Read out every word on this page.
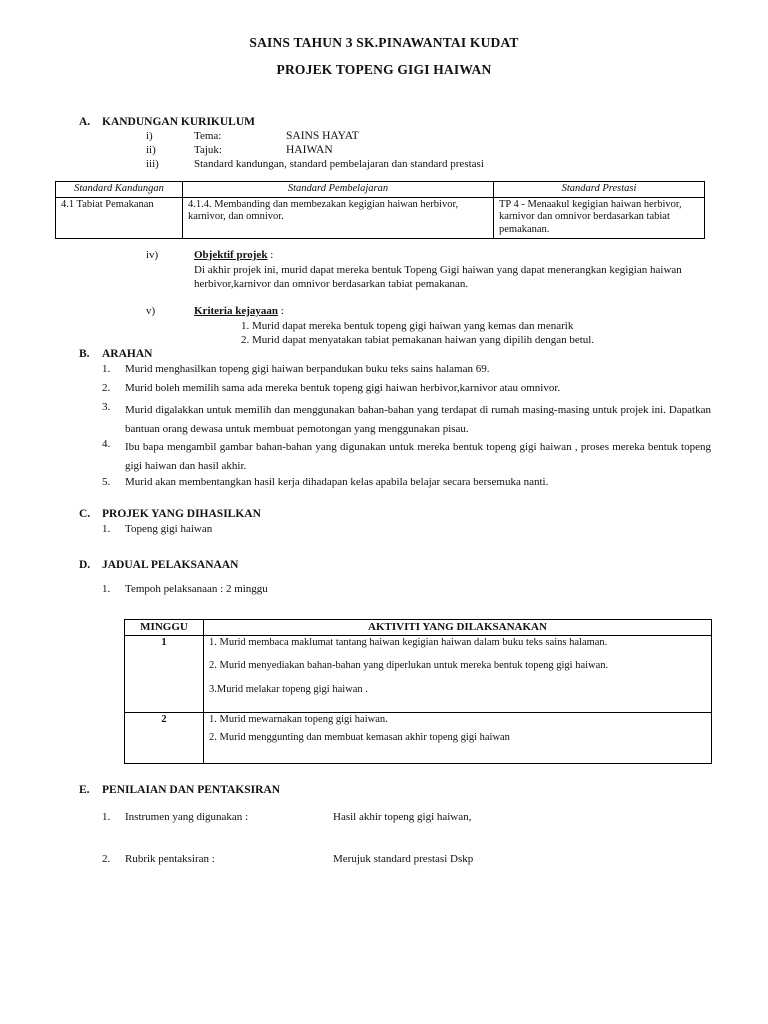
SAINS TAHUN 3 SK.PINAWANTAI KUDAT
PROJEK TOPENG GIGI HAIWAN
A. KANDUNGAN KURIKULUM
i)	Tema:	SAINS HAYAT
ii)	Tajuk:	HAIWAN
iii)	Standard kandungan, standard pembelajaran dan standard prestasi
Standard Kandungan	Standard Pembelajaran	Standard Prestasi
4.1 Tabiat Pemakanan	4.1.4. Membanding dan membezakan kegigian haiwan herbivor, karnivor, dan omnivor.	TP 4 - Menaakul kegigian haiwan herbivor, karnivor dan omnivor berdasarkan tabiat pemakanan.
iv)	Objektif projek :
Di akhir projek ini, murid dapat mereka bentuk Topeng Gigi haiwan yang dapat menerangkan kegigian haiwan herbivor,karnivor dan omnivor berdasarkan tabiat pemakanan.
v)	Kriteria kejayaan :
1. Murid dapat mereka bentuk topeng gigi haiwan yang kemas dan menarik
2. Murid dapat menyatakan tabiat pemakanan haiwan yang dipilih dengan betul.
B. ARAHAN
1. Murid menghasilkan topeng gigi haiwan berpandukan buku teks sains halaman 69.
2. Murid boleh memilih sama ada mereka bentuk topeng gigi haiwan herbivor,karnivor atau omnivor.
3. Murid digalakkan untuk memilih dan menggunakan bahan-bahan yang terdapat di rumah masing-masing untuk projek ini. Dapatkan bantuan orang dewasa untuk membuat pemotongan yang menggunakan pisau.
4. Ibu bapa mengambil gambar bahan-bahan yang digunakan untuk mereka bentuk topeng gigi haiwan , proses mereka bentuk topeng gigi haiwan dan hasil akhir.
5. Murid akan membentangkan hasil kerja dihadapan kelas apabila belajar secara bersemuka nanti.
C. PROJEK YANG DIHASILKAN
1. Topeng gigi haiwan
D. JADUAL PELAKSANAAN
1. Tempoh pelaksanaan : 2 minggu
MINGGU	AKTIVITI YANG DILAKSANAKAN
1	1. Murid membaca maklumat tantang haiwan kegigian haiwan dalam buku teks sains halaman.
2. Murid menyediakan bahan-bahan yang diperlukan untuk mereka bentuk topeng gigi haiwan.
3.Murid melakar topeng gigi haiwan .

2	1. Murid mewarnakan topeng gigi haiwan.
2. Murid menggunting dan membuat kemasan akhir topeng gigi haiwan
E. PENILAIAN DAN PENTAKSIRAN
1. Instrumen yang digunakan :	Hasil akhir topeng gigi haiwan,
2. Rubrik pentaksiran :	Merujuk standard prestasi Dskp
